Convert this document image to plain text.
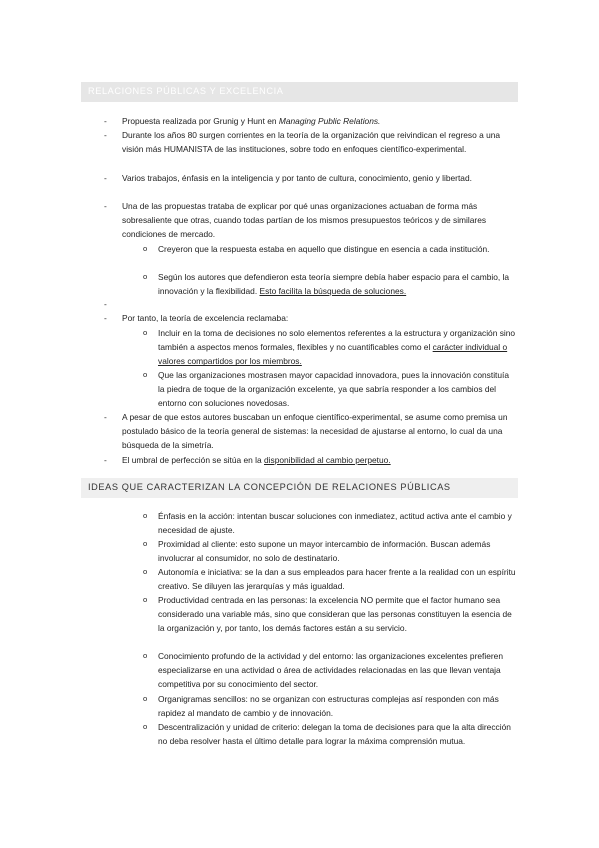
RELACIONES PÚBLICAS Y EXCELENCIA
- Propuesta realizada por Grunig y Hunt en Managing Public Relations.
- Durante los años 80 surgen corrientes en la teoría de la organización que reivindican el regreso a una visión más HUMANISTA de las instituciones, sobre todo en enfoques científico-experimental.
- Varios trabajos, énfasis en la inteligencia y por tanto de cultura, conocimiento, genio y libertad.
- Una de las propuestas trataba de explicar por qué unas organizaciones actuaban de forma más sobresaliente que otras, cuando todas partían de los mismos presupuestos teóricos y de similares condiciones de mercado.
o Creyeron que la respuesta estaba en aquello que distingue en esencia a cada institución.
o Según los autores que defendieron esta teoría siempre debía haber espacio para el cambio, la innovación y la flexibilidad. Esto facilita la búsqueda de soluciones.
-
- Por tanto, la teoría de excelencia reclamaba:
o Incluir en la toma de decisiones no solo elementos referentes a la estructura y organización sino también a aspectos menos formales, flexibles y no cuantificables como el carácter individual o valores compartidos por los miembros.
o Que las organizaciones mostrasen mayor capacidad innovadora, pues la innovación constituía la piedra de toque de la organización excelente, ya que sabría responder a los cambios del entorno con soluciones novedosas.
- A pesar de que estos autores buscaban un enfoque científico-experimental, se asume como premisa un postulado básico de la teoría general de sistemas: la necesidad de ajustarse al entorno, lo cual da una búsqueda de la simetría.
- El umbral de perfección se sitúa en la disponibilidad al cambio perpetuo.
IDEAS QUE CARACTERIZAN LA CONCEPCIÓN DE RELACIONES PÚBLICAS
o Énfasis en la acción: intentan buscar soluciones con inmediatez, actitud activa ante el cambio y necesidad de ajuste.
o Proximidad al cliente: esto supone un mayor intercambio de información. Buscan además involucrar al consumidor, no solo de destinatario.
o Autonomía e iniciativa: se la dan a sus empleados para hacer frente a la realidad con un espíritu creativo. Se diluyen las jerarquías y más igualdad.
o Productividad centrada en las personas: la excelencia NO permite que el factor humano sea considerado una variable más, sino que consideran que las personas constituyen la esencia de la organización y, por tanto, los demás factores están a su servicio.
o Conocimiento profundo de la actividad y del entorno: las organizaciones excelentes prefieren especializarse en una actividad o área de actividades relacionadas en las que llevan ventaja competitiva por su conocimiento del sector.
o Organigramas sencillos: no se organizan con estructuras complejas así responden con más rapidez al mandato de cambio y de innovación.
o Descentralización y unidad de criterio: delegan la toma de decisiones para que la alta dirección no deba resolver hasta el último detalle para lograr la máxima comprensión mutua.
